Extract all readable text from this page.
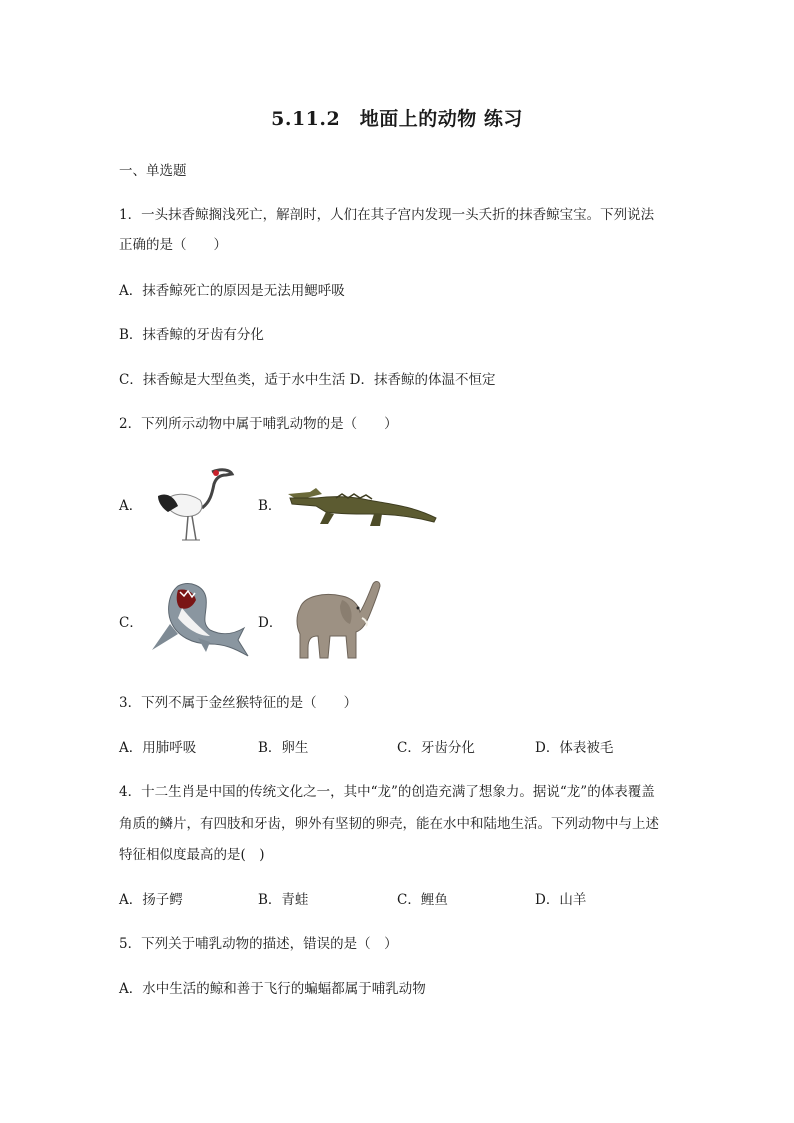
5.11.2　地面上的动物 练习
一、单选题
1．一头抹香鲸搁浅死亡，解剖时，人们在其子宫内发现一头夭折的抹香鲸宝宝。下列说法
正确的是（　　）
A．抹香鲸死亡的原因是无法用鳃呼吸
B．抹香鲸的牙齿有分化
C．抹香鲸是大型鱼类，适于水中生活 D．抹香鲸的体温不恒定
2．下列所示动物中属于哺乳动物的是（　　）
A．	B．
C．	D．
3．下列不属于金丝猴特征的是（　　）
A．用肺呼吸	B．卵生	C．牙齿分化	D．体表被毛
4．十二生肖是中国的传统文化之一，其中“龙”的创造充满了想象力。据说“龙”的体表覆盖
角质的鳞片，有四肢和牙齿，卵外有坚韧的卵壳，能在水中和陆地生活。下列动物中与上述
特征相似度最高的是(　)
A．扬子鳄	B．青蛙	C．鲤鱼	D．山羊
5．下列关于哺乳动物的描述，错误的是（　）
A．水中生活的鲸和善于飞行的蝙蝠都属于哺乳动物
